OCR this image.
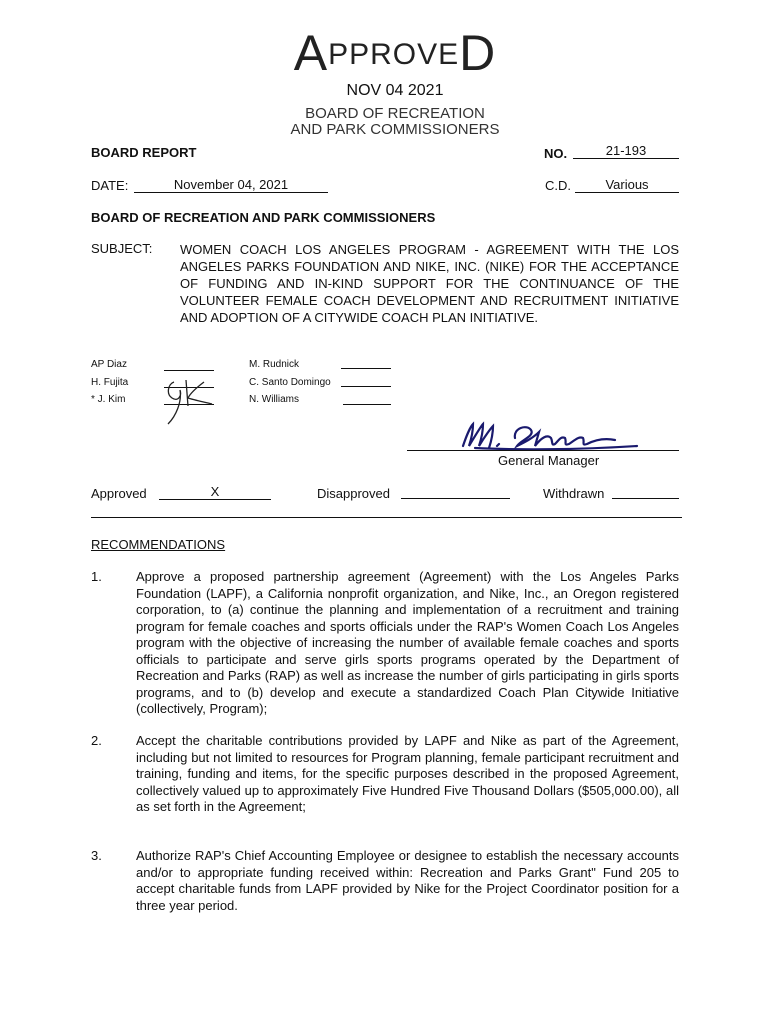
APPROVED
NOV 04 2021
BOARD OF RECREATION
AND PARK COMMISSIONERS
BOARD REPORT	NO.	21-193
DATE:	November 04, 2021	C.D.	Various
BOARD OF RECREATION AND PARK COMMISSIONERS
SUBJECT: WOMEN COACH LOS ANGELES PROGRAM - AGREEMENT WITH THE LOS ANGELES PARKS FOUNDATION AND NIKE, INC. (NIKE) FOR THE ACCEPTANCE OF FUNDING AND IN-KIND SUPPORT FOR THE CONTINUANCE OF THE VOLUNTEER FEMALE COACH DEVELOPMENT AND RECRUITMENT INITIATIVE AND ADOPTION OF A CITYWIDE COACH PLAN INITIATIVE.
AP Diaz
H. Fujita
* J. Kim
M. Rudnick
C. Santo Domingo
N. Williams
General Manager
Approved	X	Disapproved	Withdrawn
RECOMMENDATIONS
1.	Approve a proposed partnership agreement (Agreement) with the Los Angeles Parks Foundation (LAPF), a California nonprofit organization, and Nike, Inc., an Oregon registered corporation, to (a) continue the planning and implementation of a recruitment and training program for female coaches and sports officials under the RAP's Women Coach Los Angeles program with the objective of increasing the number of available female coaches and sports officials to participate and serve girls sports programs operated by the Department of Recreation and Parks (RAP) as well as increase the number of girls participating in girls sports programs, and to (b) develop and execute a standardized Coach Plan Citywide Initiative (collectively, Program);
2.	Accept the charitable contributions provided by LAPF and Nike as part of the Agreement, including but not limited to resources for Program planning, female participant recruitment and training, funding and items, for the specific purposes described in the proposed Agreement, collectively valued up to approximately Five Hundred Five Thousand Dollars ($505,000.00), all as set forth in the Agreement;
3.	Authorize RAP's Chief Accounting Employee or designee to establish the necessary accounts and/or to appropriate funding received within: Recreation and Parks Grant" Fund 205 to accept charitable funds from LAPF provided by Nike for the Project Coordinator position for a three year period.
